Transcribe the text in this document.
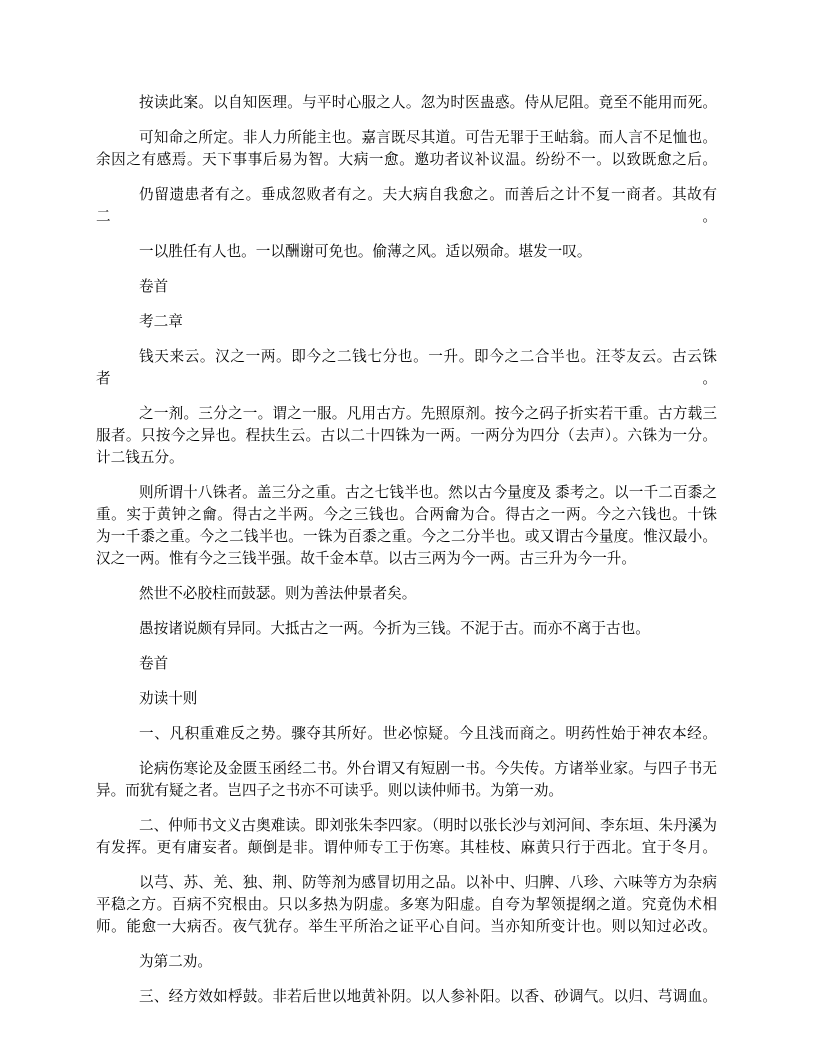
按读此案。以自知医理。与平时心服之人。忽为时医蛊惑。侍从尼阻。竟至不能用而死。

可知命之所定。非人力所能主也。嘉言既尽其道。可告无罪于王岵翁。而人言不足恤也。
余因之有感焉。天下事事后易为智。大病一愈。邀功者议补议温。纷纷不一。以致既愈之后。

仍留遗患者有之。垂成忽败者有之。夫大病自我愈之。而善后之计不复一商者。其故有二。

一以胜任有人也。一以酬谢可免也。偷薄之风。适以殒命。堪发一叹。

卷首

考二章

钱天来云。汉之一两。即今之二钱七分也。一升。即今之二合半也。汪苓友云。古云铢者。

之一剂。三分之一。谓之一服。凡用古方。先照原剂。按今之码子折实若干重。古方载三
服者。只按今之异也。程扶生云。古以二十四铢为一两。一两分为四分（去声）。六铢为一分。
计二钱五分。

则所谓十八铢者。盖三分之重。古之七钱半也。然以古今量度及 黍考之。以一千二百黍之
重。实于黄钟之龠。得古之半两。今之三钱也。合两龠为合。得古之一两。今之六钱也。十铢
为一千黍之重。今之二钱半也。一铢为百黍之重。今之二分半也。或又谓古今量度。惟汉最小。
汉之一两。惟有今之三钱半强。故千金本草。以古三两为今一两。古三升为今一升。

然世不必胶柱而鼓瑟。则为善法仲景者矣。

愚按诸说颇有异同。大抵古之一两。今折为三钱。不泥于古。而亦不离于古也。

卷首

劝读十则

一、凡积重难反之势。骤夺其所好。世必惊疑。今且浅而商之。明药性始于神农本经。

论病伤寒论及金匮玉函经二书。外台谓又有短剧一书。今失传。方诸举业家。与四子书无
异。而犹有疑之者。岂四子之书亦不可读乎。则以读仲师书。为第一劝。

二、仲师书文义古奥难读。即刘张朱李四家。（明时以张长沙与刘河间、李东垣、朱丹溪为
有发挥。更有庸妄者。颠倒是非。谓仲师专工于伤寒。其桂枝、麻黄只行于西北。宜于冬月。

以芎、苏、羌、独、荆、防等剂为感冒切用之品。以补中、归脾、八珍、六味等方为杂病
平稳之方。百病不究根由。只以多热为阴虚。多寒为阳虚。自夸为挈领提纲之道。究竟伪术相
师。能愈一大病否。夜气犹存。举生平所治之证平心自问。当亦知所变计也。则以知过必改。

为第二劝。

三、经方效如桴鼓。非若后世以地黄补阴。以人参补阳。以香、砂调气。以归、芎调血。
